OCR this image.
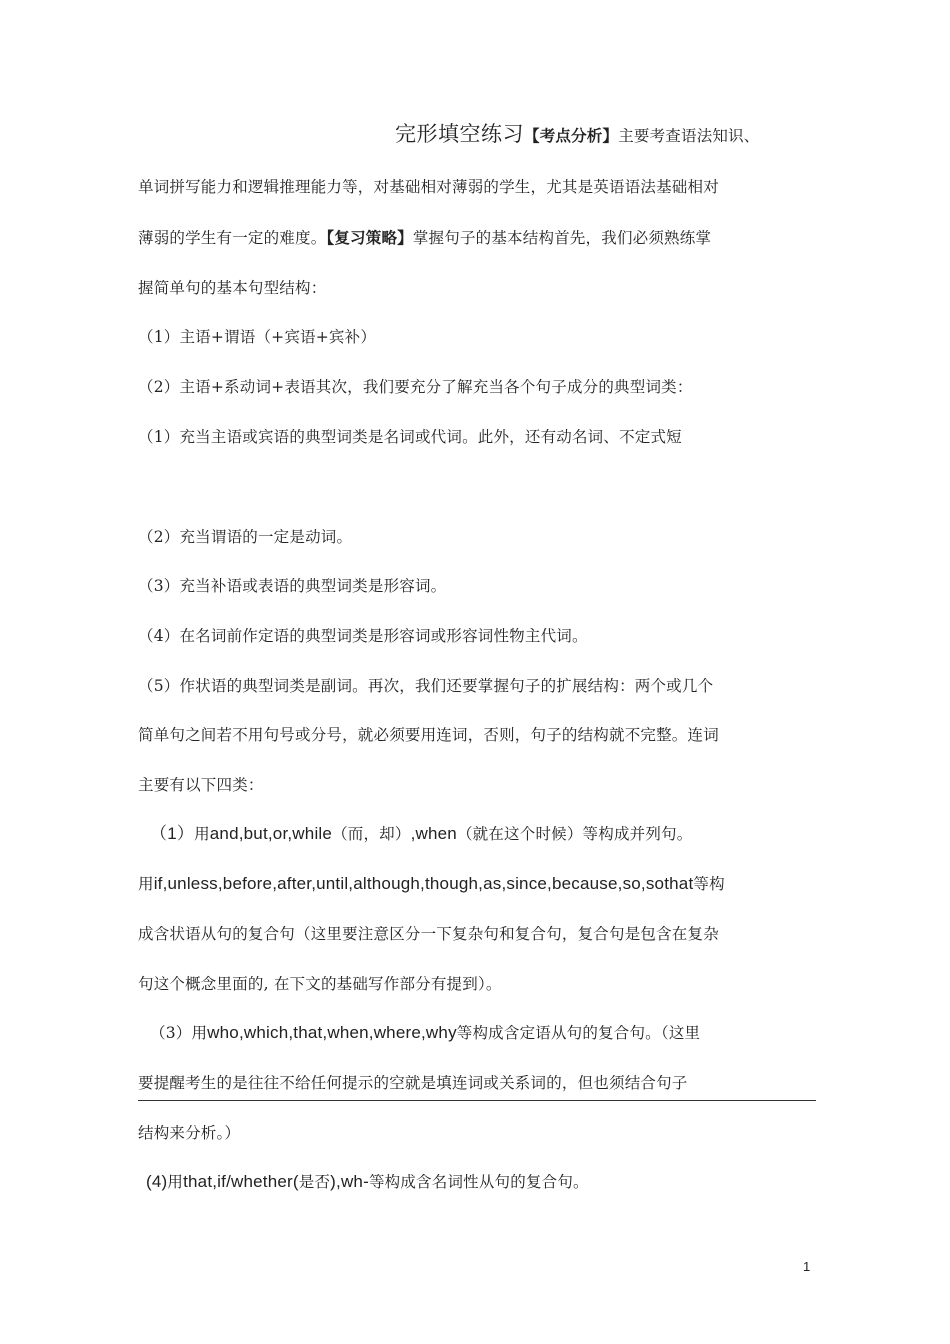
完形填空练习【考点分析】主要考查语法知识、
单词拼写能力和逻辑推理能力等，对基础相对薄弱的学生，尤其是英语语法基础相对
薄弱的学生有一定的难度。【复习策略】掌握句子的基本结构首先，我们必须熟练掌
握简单句的基本句型结构：
（1）主语+谓语（+宾语+宾补）
（2）主语+系动词+表语其次，我们要充分了解充当各个句子成分的典型词类：
（1）充当主语或宾语的典型词类是名词或代词。此外，还有动名词、不定式短
（2）充当谓语的一定是动词。
（3）充当补语或表语的典型词类是形容词。
（4）在名词前作定语的典型词类是形容词或形容词性物主代词。
（5）作状语的典型词类是副词。再次，我们还要掌握句子的扩展结构：两个或几个
简单句之间若不用句号或分号，就必须要用连词，否则，句子的结构就不完整。连词
主要有以下四类：
（1）用and,but,or,while（而，却）,when（就在这个时候）等构成并列句。
用if,unless,before,after,until,although,though,as,since,because,so,sothat等构
成含状语从句的复合句（这里要注意区分一下复杂句和复合句，复合句是包含在复杂
句这个概念里面的, 在下文的基础写作部分有提到）。
（3）用who,which,that,when,where,why等构成含定语从句的复合句。（这里
要提醒考生的是往往不给任何提示的空就是填连词或关系词的，但也须结合句子
结构来分析。）
(4)用that,if/whether(是否),wh-等构成含名词性从句的复合句。
1
